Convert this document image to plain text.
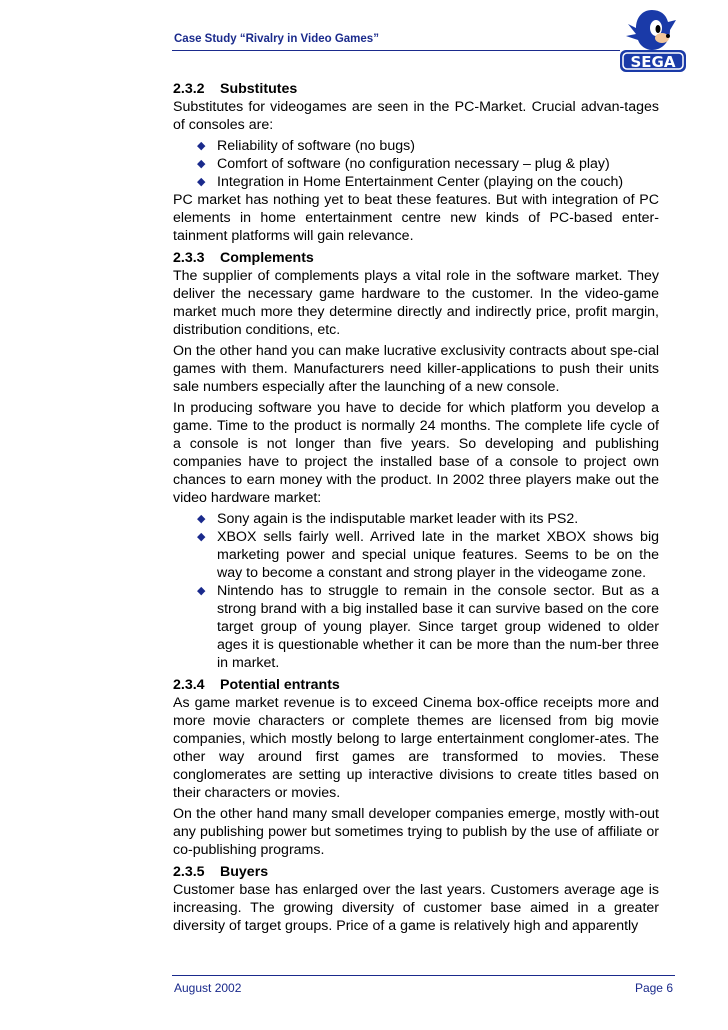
Case Study “Rivalry in Video Games”
SEGA
2.3.2 Substitutes

Substitutes for videogames are seen in the PC-Market. Crucial advan-tages of consoles are:

◆ Reliability of software (no bugs)
◆ Comfort of software (no configuration necessary – plug & play)
◆ Integration in Home Entertainment Center (playing on the couch)

PC market has nothing yet to beat these features. But with integration of PC elements in home entertainment centre new kinds of PC-based enter-tainment platforms will gain relevance.

2.3.3 Complements

The supplier of complements plays a vital role in the software market. They deliver the necessary game hardware to the customer. In the video-game market much more they determine directly and indirectly price, profit margin, distribution conditions, etc.

On the other hand you can make lucrative exclusivity contracts about spe-cial games with them. Manufacturers need killer-applications to push their units sale numbers especially after the launching of a new console.

In producing software you have to decide for which platform you develop a game. Time to the product is normally 24 months. The complete life cycle of a console is not longer than five years. So developing and publishing companies have to project the installed base of a console to project own chances to earn money with the product. In 2002 three players make out the video hardware market:

◆ Sony again is the indisputable market leader with its PS2.
◆ XBOX sells fairly well. Arrived late in the market XBOX shows big marketing power and special unique features. Seems to be on the way to become a constant and strong player in the videogame zone.
◆ Nintendo has to struggle to remain in the console sector. But as a strong brand with a big installed base it can survive based on the core target group of young player. Since target group widened to older ages it is questionable whether it can be more than the num-ber three in market.
2.3.4 Potential entrants

As game market revenue is to exceed Cinema box-office receipts more and more movie characters or complete themes are licensed from big movie companies, which mostly belong to large entertainment conglomer-ates. The other way around first games are transformed to movies. These conglomerates are setting up interactive divisions to create titles based on their characters or movies.

On the other hand many small developer companies emerge, mostly with-out any publishing power but sometimes trying to publish by the use of affiliate or co-publishing programs.

2.3.5 Buyers

Customer base has enlarged over the last years. Customers average age is increasing. The growing diversity of customer base aimed in a greater diversity of target groups. Price of a game is relatively high and apparently

August 2002	Page 6
